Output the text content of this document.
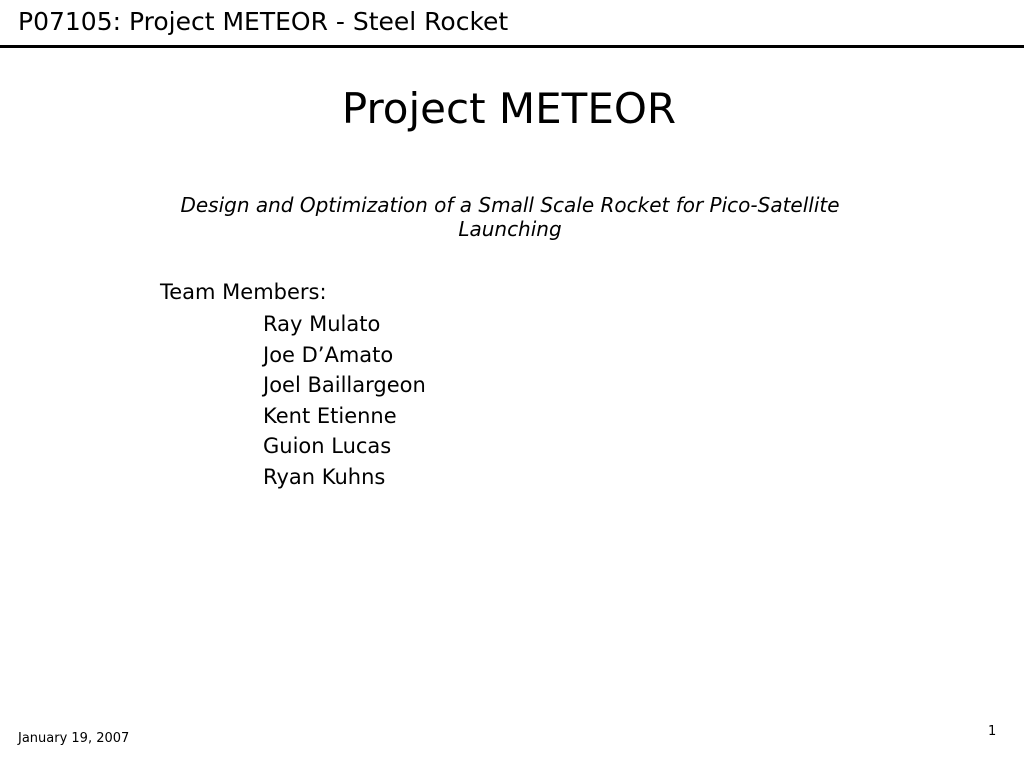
P07105: Project METEOR - Steel Rocket
Project METEOR
Design and Optimization of a Small Scale Rocket for Pico-Satellite Launching
Team Members:
Ray Mulato
Joe D’Amato
Joel Baillargeon
Kent Etienne
Guion Lucas
Ryan Kuhns
January 19, 2007	1
